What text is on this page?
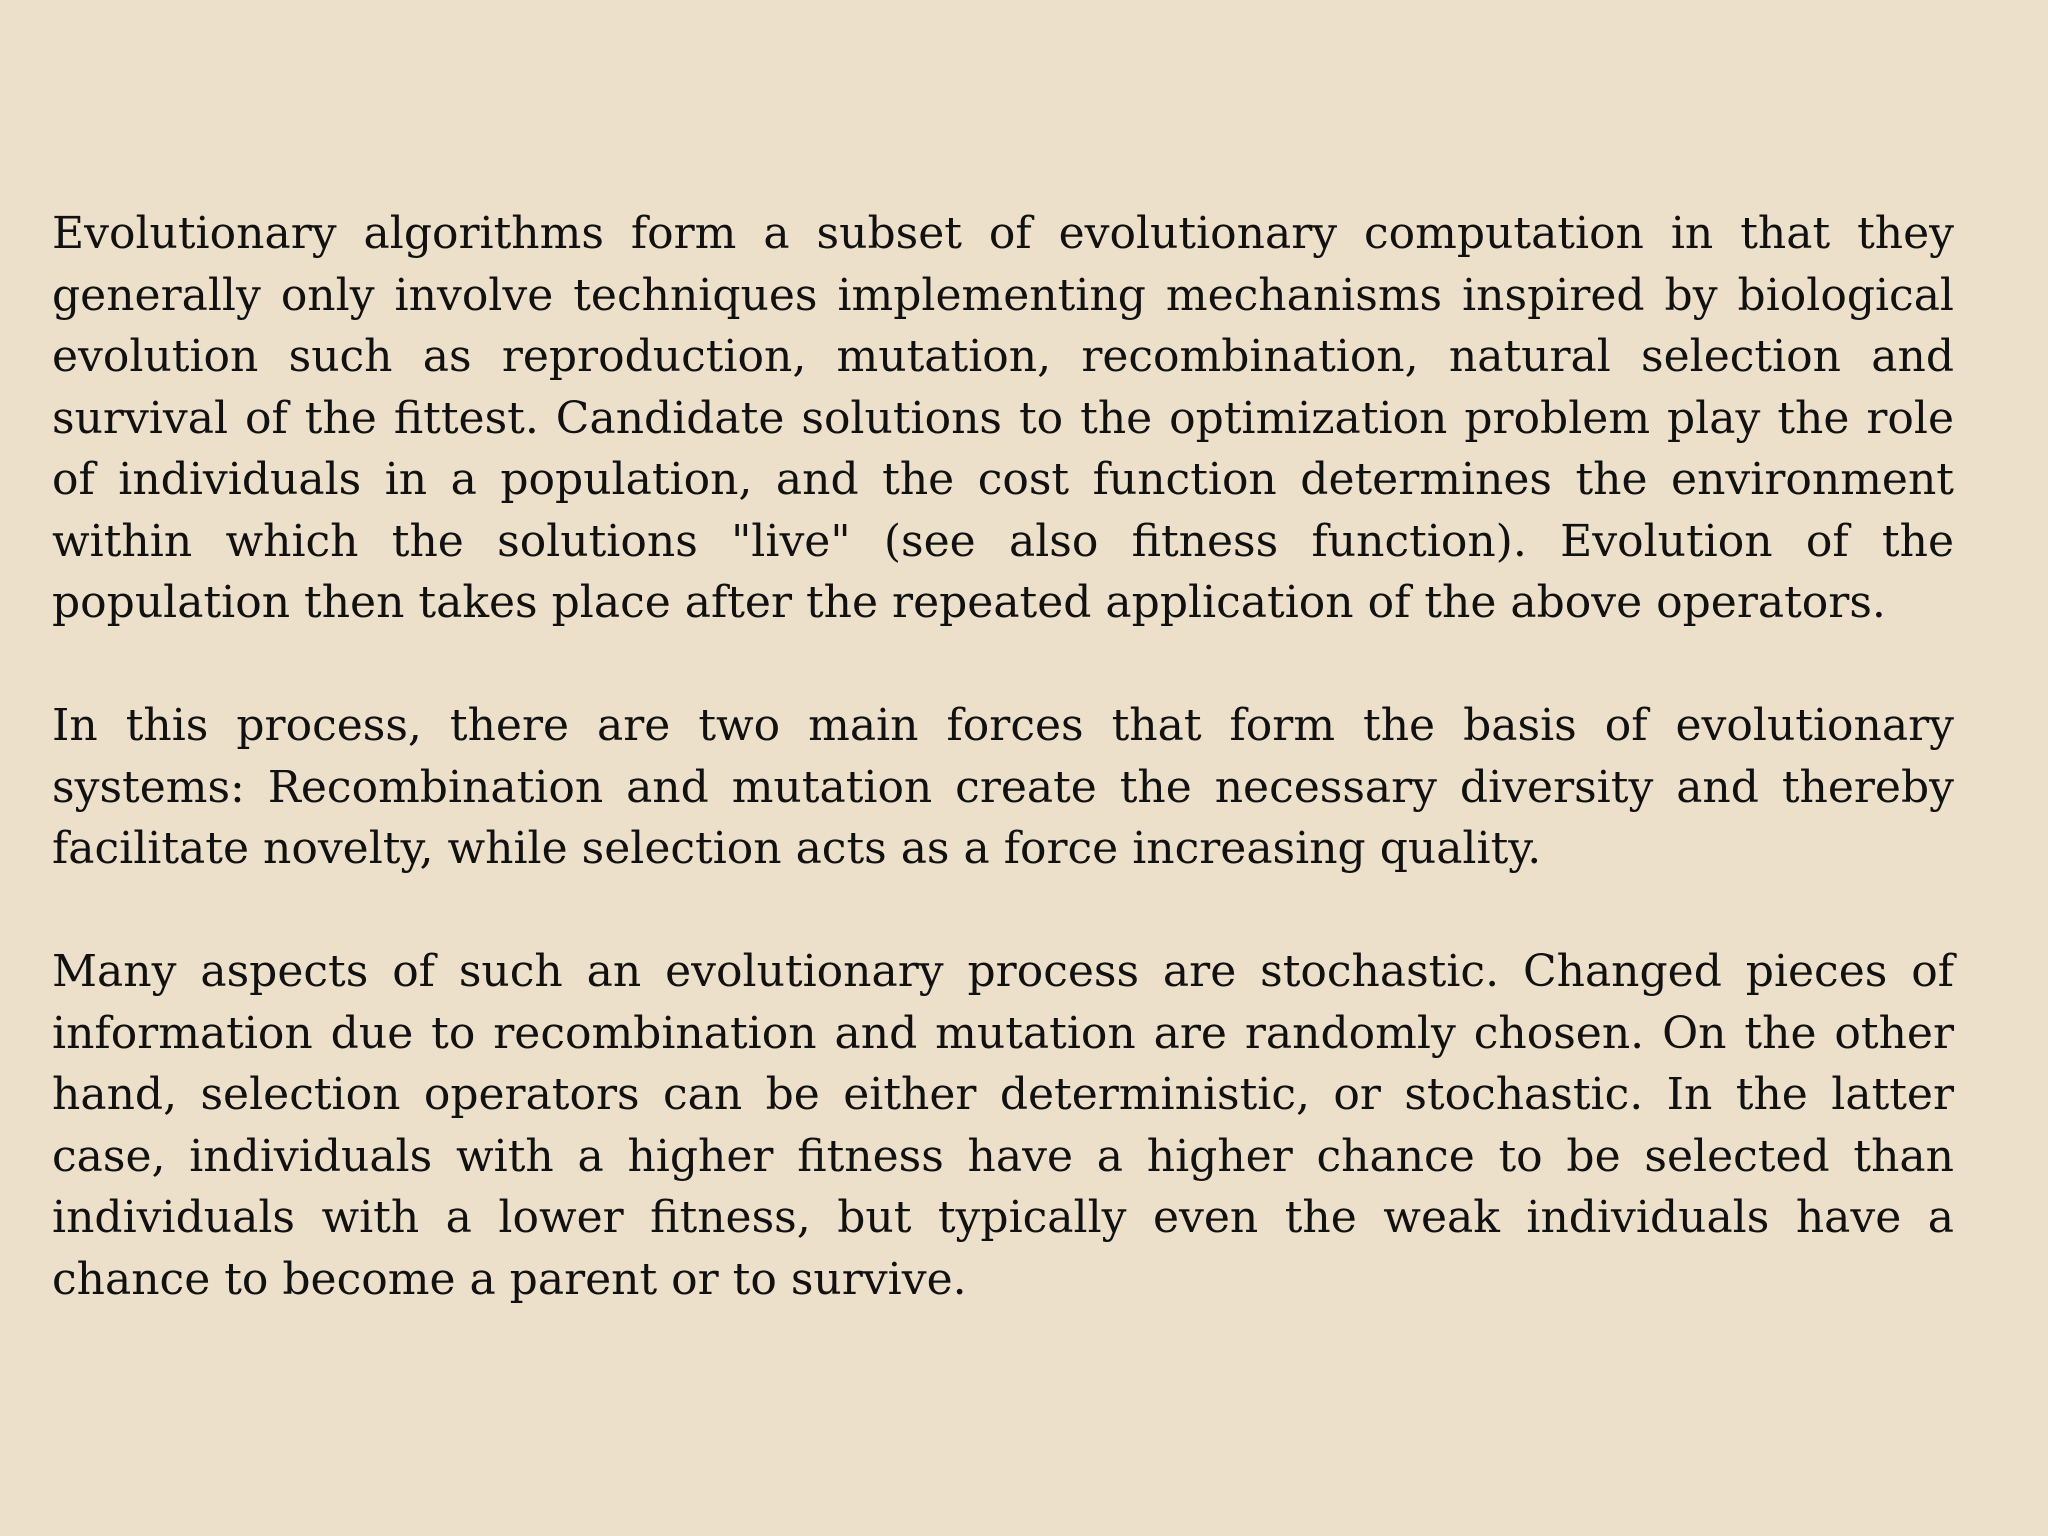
Evolutionary algorithms form a subset of evolutionary computation in that they generally only involve techniques implementing mechanisms inspired by biological evolution such as reproduction, mutation, recombination, natural selection and survival of the fittest. Candidate solutions to the optimization problem play the role of individuals in a population, and the cost function determines the environment within which the solutions "live" (see also fitness function). Evolution of the population then takes place after the repeated application of the above operators.

In this process, there are two main forces that form the basis of evolutionary systems: Recombination and mutation create the necessary diversity and thereby facilitate novelty, while selection acts as a force increasing quality.

Many aspects of such an evolutionary process are stochastic. Changed pieces of information due to recombination and mutation are randomly chosen. On the other hand, selection operators can be either deterministic, or stochastic. In the latter case, individuals with a higher fitness have a higher chance to be selected than individuals with a lower fitness, but typically even the weak individuals have a chance to become a parent or to survive.
